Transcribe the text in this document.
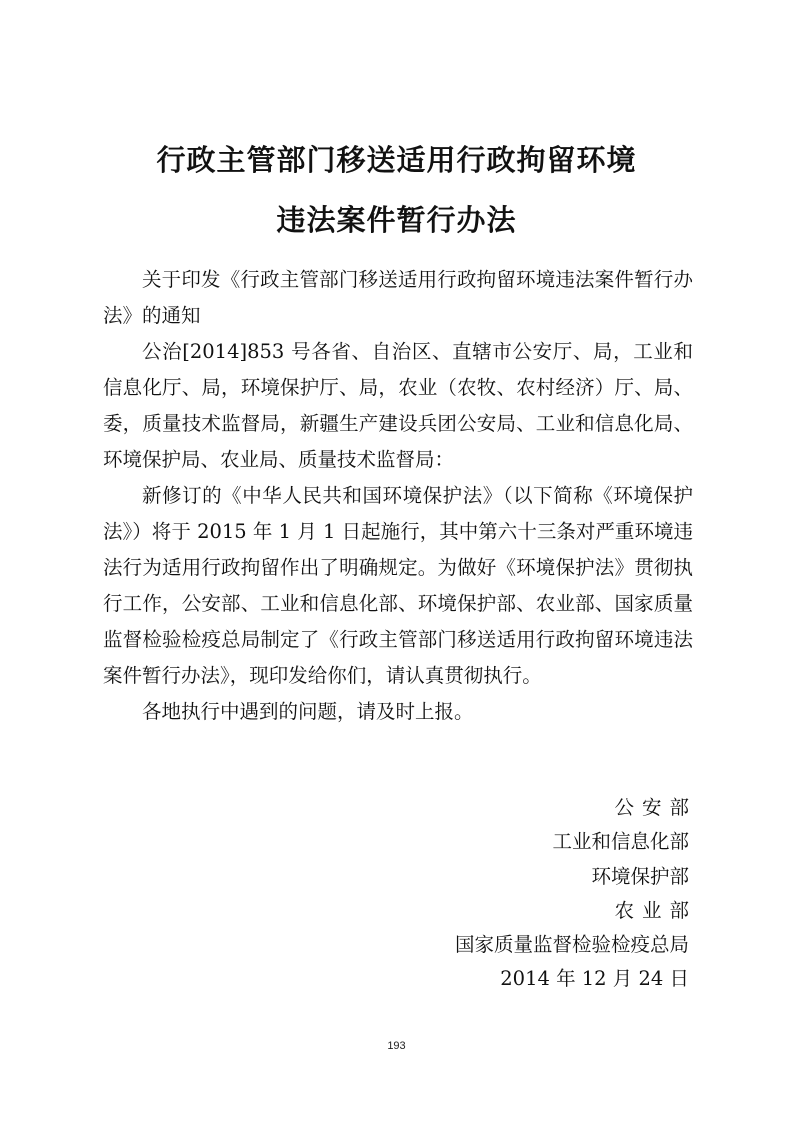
行政主管部门移送适用行政拘留环境
违法案件暂行办法

关于印发《行政主管部门移送适用行政拘留环境违法案件暂行办法》的通知

公治[2014]853 号各省、自治区、直辖市公安厅、局，工业和信息化厅、局，环境保护厅、局，农业（农牧、农村经济）厅、局、委，质量技术监督局，新疆生产建设兵团公安局、工业和信息化局、环境保护局、农业局、质量技术监督局：

新修订的《中华人民共和国环境保护法》（以下简称《环境保护法》）将于 2015 年 1 月 1 日起施行，其中第六十三条对严重环境违法行为适用行政拘留作出了明确规定。为做好《环境保护法》贯彻执行工作，公安部、工业和信息化部、环境保护部、农业部、国家质量监督检验检疫总局制定了《行政主管部门移送适用行政拘留环境违法案件暂行办法》，现印发给你们，请认真贯彻执行。

各地执行中遇到的问题，请及时上报。

公安部
工业和信息化部
环境保护部
农业部
国家质量监督检验检疫总局
2014 年 12 月 24 日
193
